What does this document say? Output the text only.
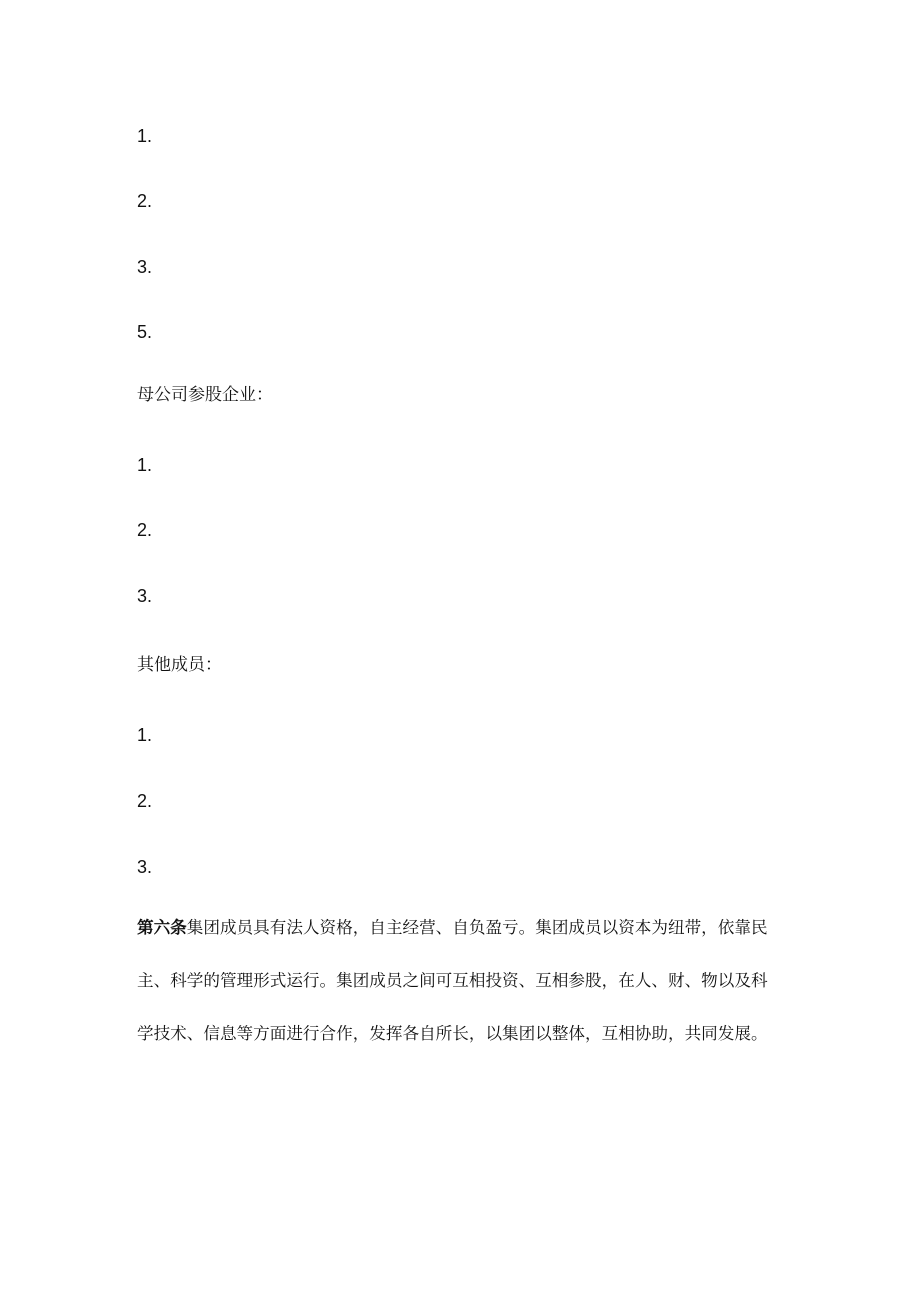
1.
2.
3.
5.
母公司参股企业：
1.
2.
3.
其他成员：
1.
2.
3.
第六条集团成员具有法人资格，自主经营、自负盈亏。集团成员以资本为纽带，依靠民
主、科学的管理形式运行。集团成员之间可互相投资、互相参股，在人、财、物以及科
学技术、信息等方面进行合作，发挥各自所长，以集团以整体，互相协助，共同发展。
